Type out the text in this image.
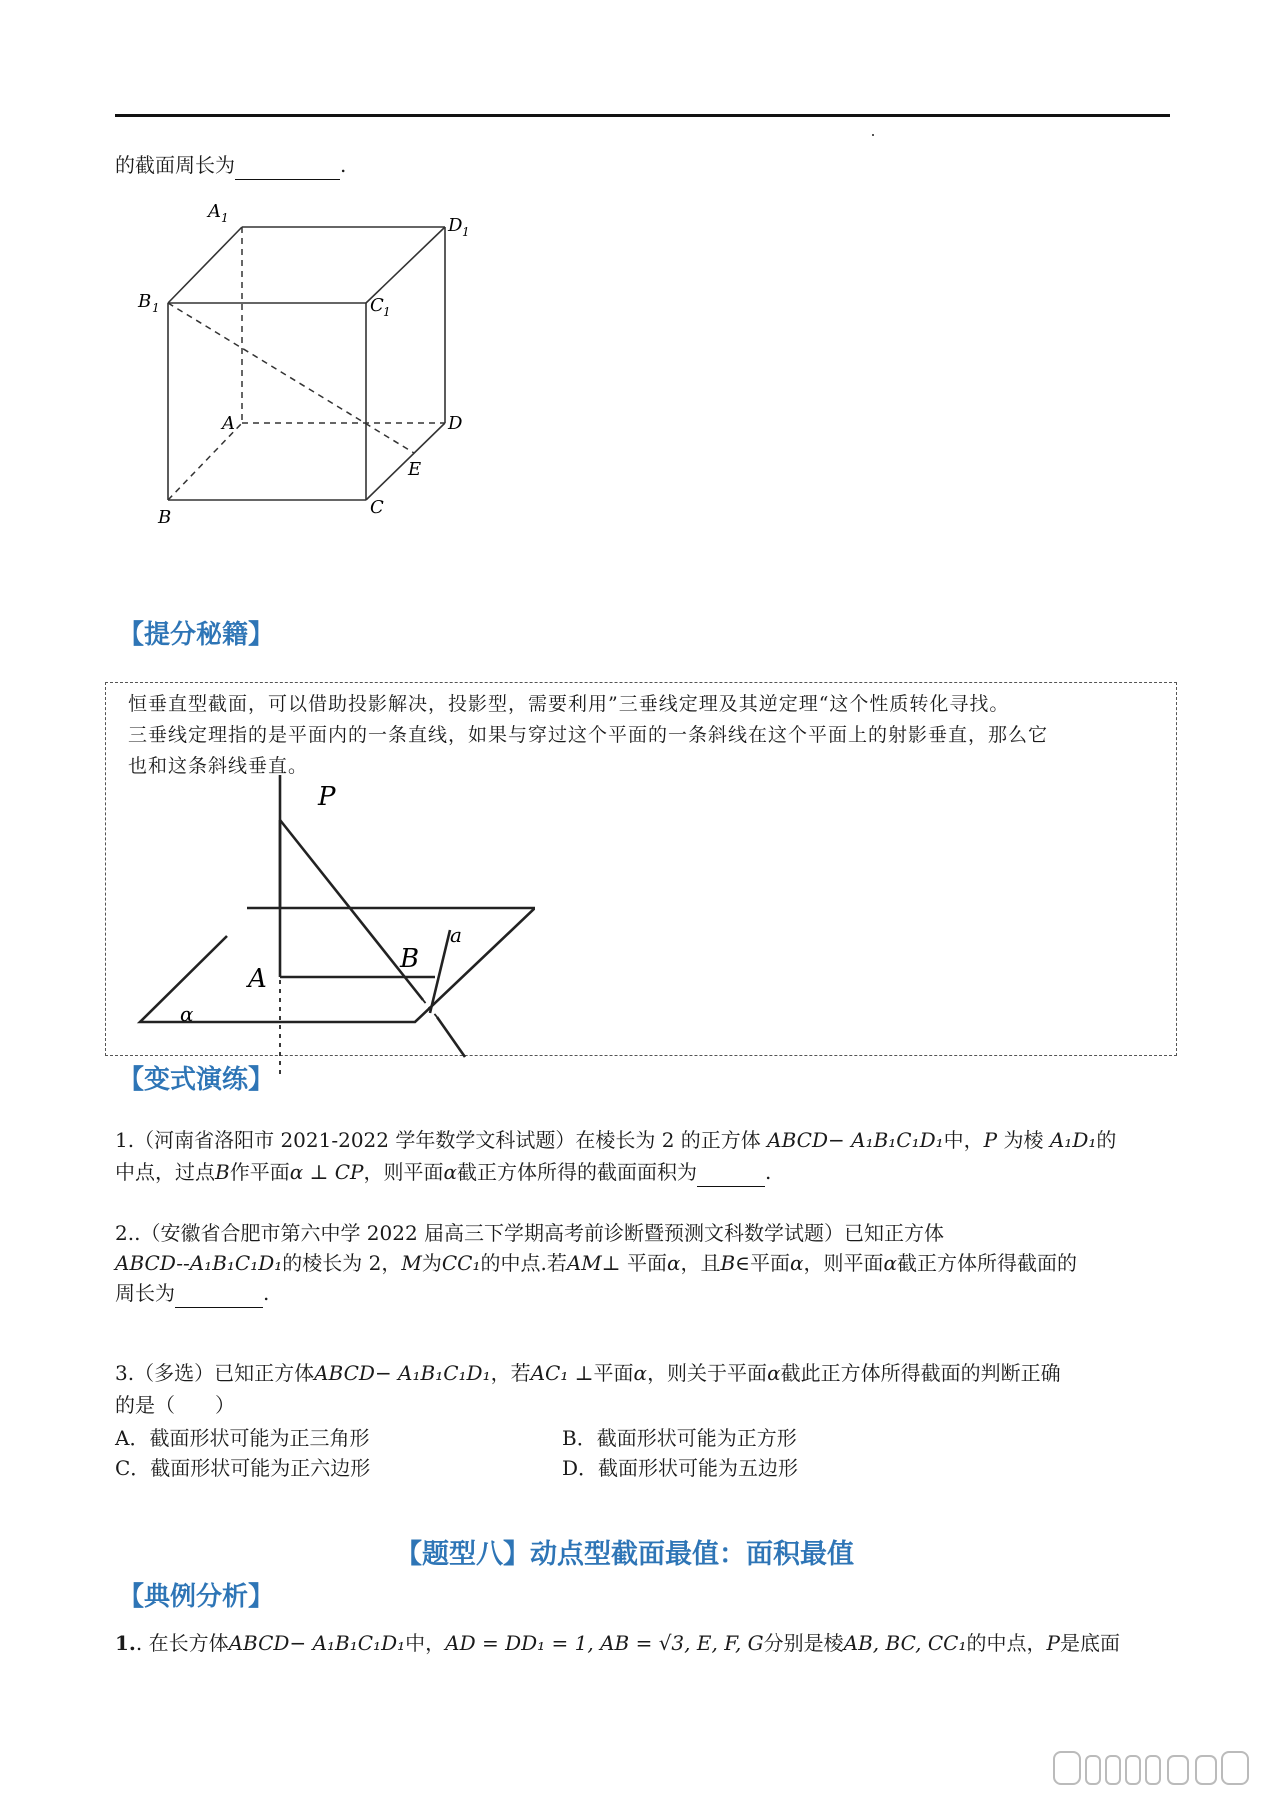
的截面周长为	.
A 1	D 1
B 1	C 1
A	D
E
B	C
【提分秘籍】
恒垂直型截面，可以借助投影解决，投影型，需要利用”三垂线定理及其逆定理“这个性质转化寻找。
三垂线定理指的是平面内的一条直线，如果与穿过这个平面的一条斜线在这个平面上的射影垂直，那么它
也和这条斜线垂直。
P
A
B
a
α
【变式演练】
1.（河南省洛阳市 2021-2022 学年数学文科试题）在棱长为 2 的正方体 ABCD− A₁B₁C₁D₁中，P 为棱 A₁D₁的
中点，过点B作平面α ⊥ CP，则平面α截正方体所得的截面面积为	.
2..（安徽省合肥市第六中学 2022 届高三下学期高考前诊断暨预测文科数学试题）已知正方体
ABCD--A₁B₁C₁D₁的棱长为 2，M为CC₁的中点.若AM⊥ 平面α，且B∈平面α，则平面α截正方体所得截面的
周长为	.
3.（多选）已知正方体ABCD− A₁B₁C₁D₁，若AC₁ ⊥平面α，则关于平面α截此正方体所得截面的判断正确
的是（　　）
A．截面形状可能为正三角形	B．截面形状可能为正方形
C．截面形状可能为正六边形	D．截面形状可能为五边形
【题型八】动点型截面最值：面积最值
【典例分析】
1.. 在长方体ABCD− A₁B₁C₁D₁中，AD = DD₁ = 1, AB = √3, E, F, G分别是棱AB, BC, CC₁的中点，P是底面
